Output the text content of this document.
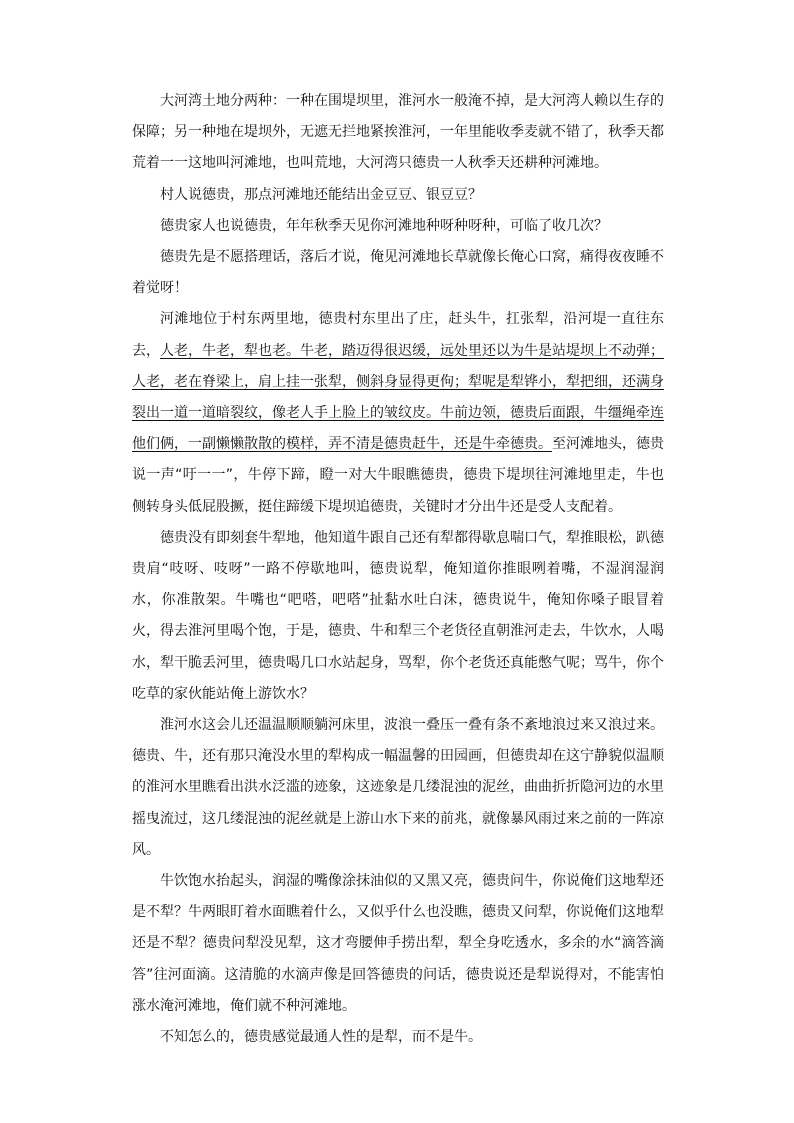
大河湾土地分两种：一种在围堤坝里，淮河水一般淹不掉，是大河湾人赖以生存的保障；另一种地在堤坝外，无遮无拦地紧挨淮河，一年里能收季麦就不错了，秋季天都荒着一一这地叫河滩地，也叫荒地，大河湾只德贵一人秋季天还耕种河滩地。

村人说德贵，那点河滩地还能结出金豆豆、银豆豆？

德贵家人也说德贵，年年秋季天见你河滩地种呀种呀种，可临了收几次？

德贵先是不愿搭理话，落后才说，俺见河滩地长草就像长俺心口窝，痛得夜夜睡不着觉呀！

河滩地位于村东两里地，德贵村东里出了庄，赶头牛，扛张犁，沿河堤一直往东去，人老，牛老，犁也老。牛老，踏迈得很迟缓，远处里还以为牛是站堤坝上不动弹；人老，老在脊梁上，肩上挂一张犁，侧斜身显得更佝；犁呢是犁铧小，犁把细，还满身裂出一道一道暗裂纹，像老人手上脸上的皱纹皮。牛前边领，德贵后面跟，牛缰绳牵连他们俩，一副懒懒散散的模样，弄不清是德贵赶牛，还是牛牵德贵。至河滩地头，德贵说一声“吁一一”，牛停下蹄，瞪一对大牛眼瞧德贵，德贵下堤坝往河滩地里走，牛也侧转身头低屁股撅，挺住蹄缓下堤坝追德贵，关键时才分出牛还是受人支配着。

德贵没有即刻套牛犁地，他知道牛跟自己还有犁都得歇息喘口气，犁推眼松，趴德贵肩“吱呀、吱呀”一路不停歇地叫，德贵说犁，俺知道你推眼咧着嘴，不湿润湿润水，你准散架。牛嘴也“吧嗒，吧嗒”扯黏水吐白沫，德贵说牛，俺知你嗓子眼冒着火，得去淮河里喝个饱，于是，德贵、牛和犁三个老货径直朝淮河走去，牛饮水，人喝水，犁干脆丢河里，德贵喝几口水站起身，骂犁，你个老货还真能憋气呢；骂牛，你个吃草的家伙能站俺上游饮水？

淮河水这会儿还温温顺顺躺河床里，波浪一叠压一叠有条不紊地浪过来又浪过来。德贵、牛，还有那只淹没水里的犁构成一幅温馨的田园画，但德贵却在这宁静貌似温顺的淮河水里瞧看出洪水泛滥的迹象，这迹象是几缕混浊的泥丝，曲曲折折隐河边的水里摇曳流过，这几缕混浊的泥丝就是上游山水下来的前兆，就像暴风雨过来之前的一阵凉风。

牛饮饱水抬起头，润湿的嘴像涂抹油似的又黑又亮，德贵问牛，你说俺们这地犁还是不犁？牛两眼盯着水面瞧着什么，又似乎什么也没瞧，德贵又问犁，你说俺们这地犁还是不犁？德贵问犁没见犁，这才弯腰伸手捞出犁，犁全身吃透水，多余的水“滴答滴答”往河面滴。这清脆的水滴声像是回答德贵的问话，德贵说还是犁说得对，不能害怕涨水淹河滩地，俺们就不种河滩地。

不知怎么的，德贵感觉最通人性的是犁，而不是牛。
